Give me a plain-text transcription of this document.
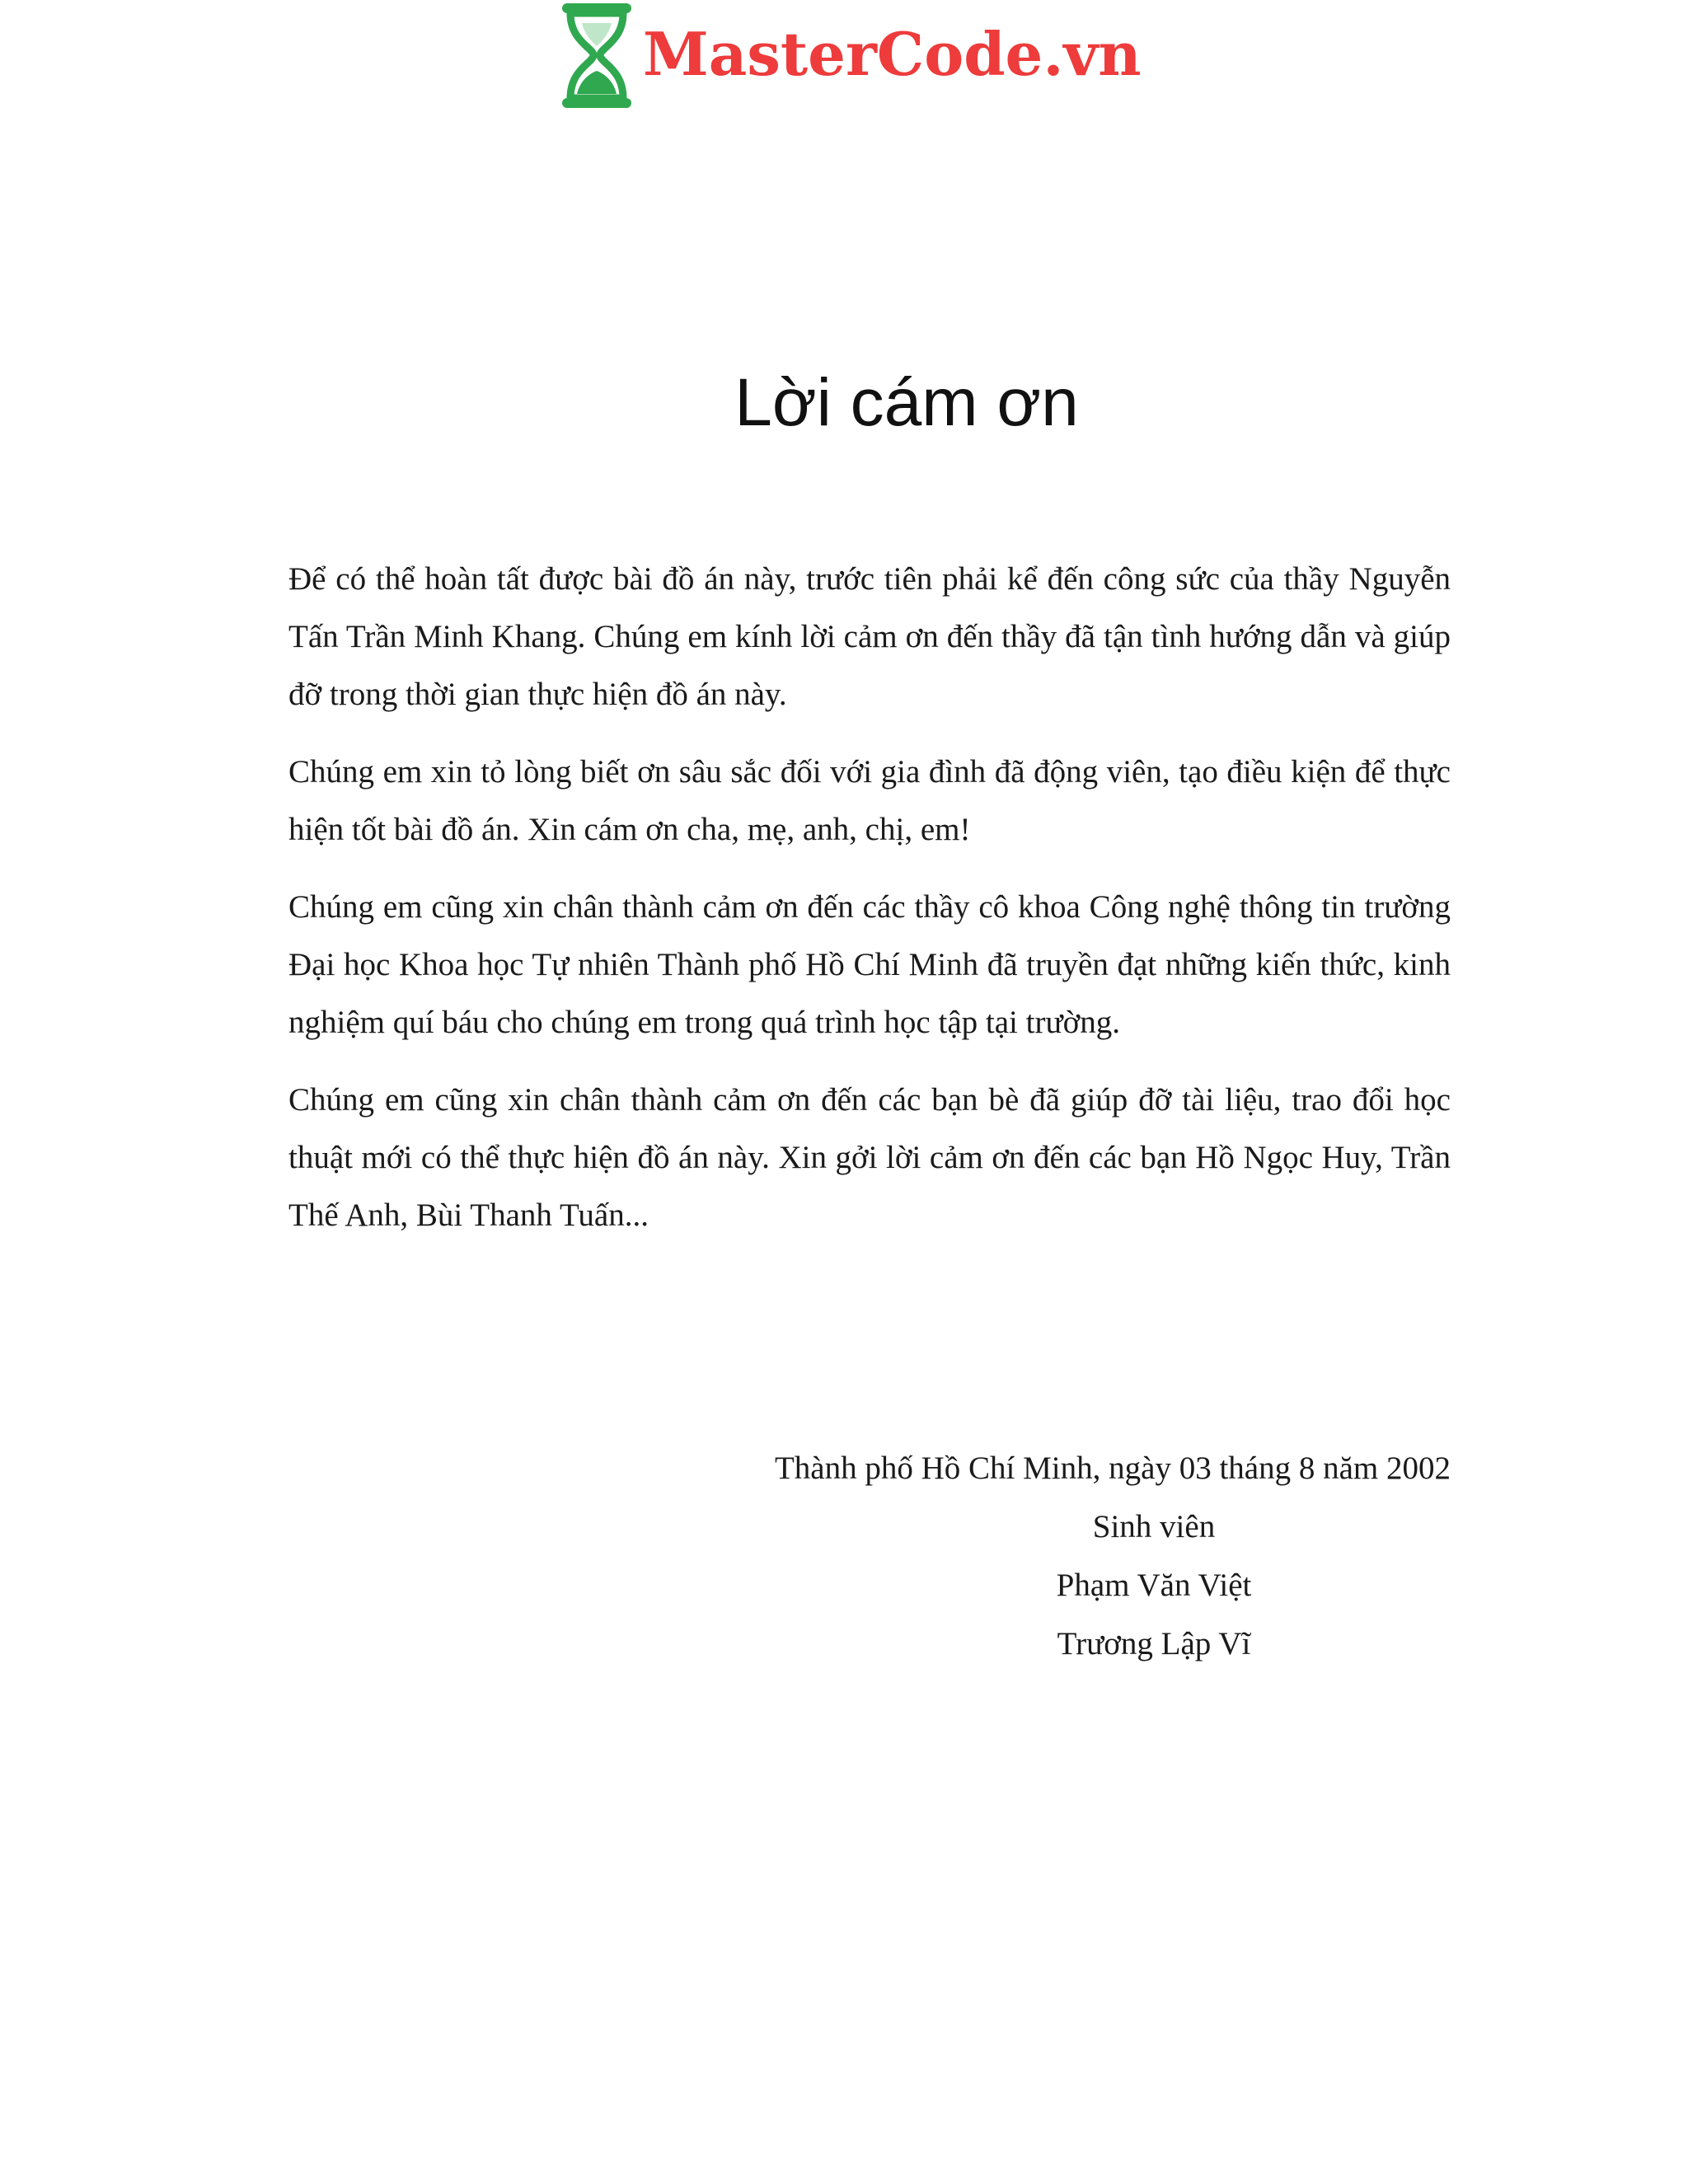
MasterCode.vn
Lời cám ơn

Để có thể hoàn tất được bài đồ án này, trước tiên phải kể đến công sức của thầy Nguyễn Tấn Trần Minh Khang. Chúng em kính lời cảm ơn đến thầy đã tận tình hướng dẫn và giúp đỡ trong thời gian thực hiện đồ án này.

Chúng em xin tỏ lòng biết ơn sâu sắc đối với gia đình đã động viên, tạo điều kiện để thực hiện tốt bài đồ án. Xin cám ơn cha, mẹ, anh, chị, em!

Chúng em cũng xin chân thành cảm ơn đến các thầy cô khoa Công nghệ thông tin trường Đại học Khoa học Tự nhiên Thành phố Hồ Chí Minh đã truyền đạt những kiến thức, kinh nghiệm quí báu cho chúng em trong quá trình học tập tại trường.

Chúng em cũng xin chân thành cảm ơn đến các bạn bè đã giúp đỡ tài liệu, trao đổi học thuật mới có thể thực hiện đồ án này. Xin gởi lời cảm ơn đến các bạn Hồ Ngọc Huy, Trần Thế Anh, Bùi Thanh Tuấn...

Thành phố Hồ Chí Minh, ngày 03 tháng 8 năm 2002
Sinh viên
Phạm Văn Việt
Trương Lập Vĩ
